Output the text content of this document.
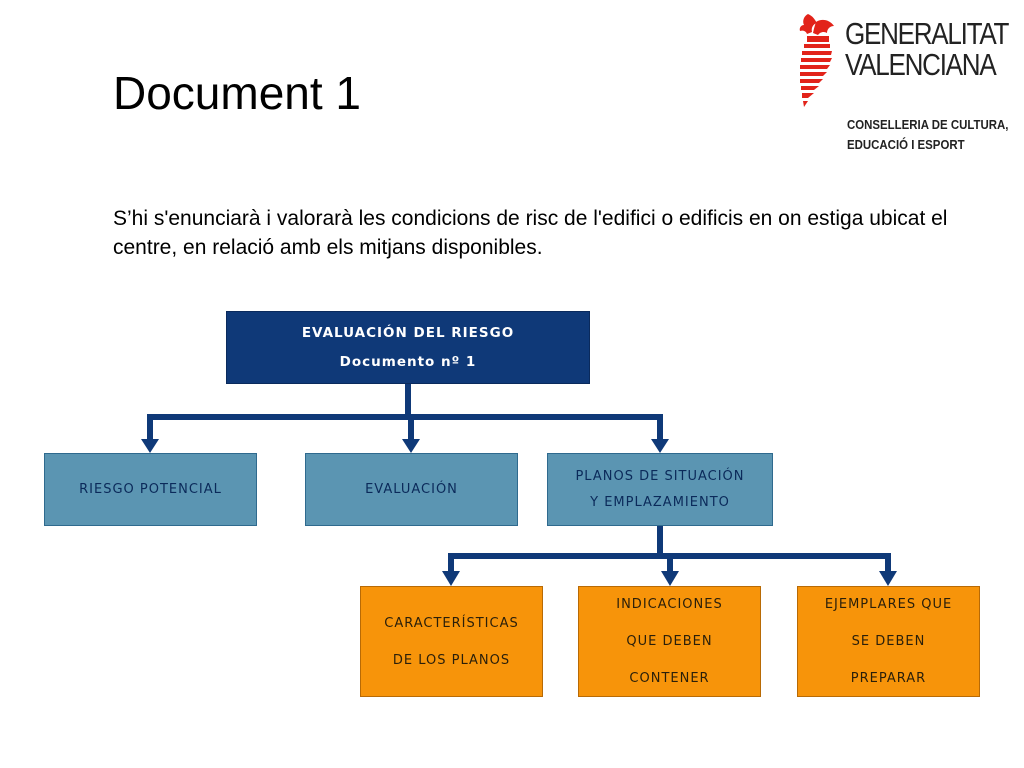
Document 1
GENERALITAT
VALENCIANA
CONSELLERIA DE CULTURA,
EDUCACIÓ I ESPORT

S’hi s'enunciarà i valorarà les condicions de risc de l'edifici o edificis en on estiga ubicat el centre, en relació amb els mitjans disponibles.

EVALUACIÓN DEL RIESGO
Documento nº 1
RIESGO POTENCIAL	EVALUACIÓN
PLANOS DE SITUACIÓN
Y EMPLAZAMIENTO
CARACTERÍSTICAS
DE LOS PLANOS
INDICACIONES
QUE DEBEN
CONTENER
EJEMPLARES QUE
SE DEBEN
PREPARAR
